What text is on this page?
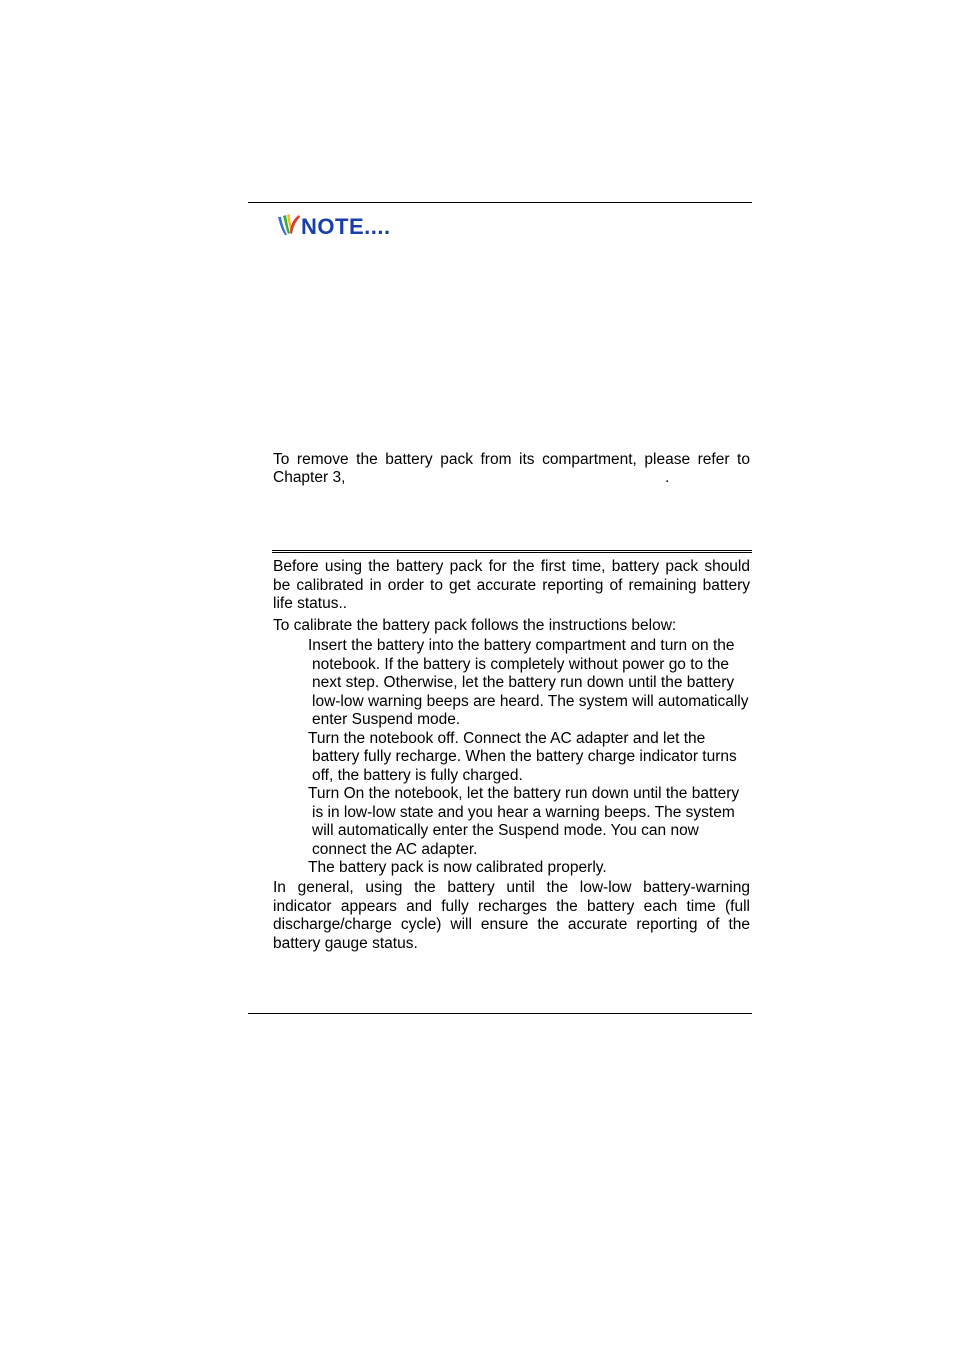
NOTE....

To remove the battery pack from its compartment, please refer to

Chapter 3,	.

Before using the battery pack for the first time, battery pack should be calibrated in order to get accurate reporting of remaining battery life status..

To calibrate the battery pack follows the instructions below:

Insert the battery into the battery compartment and turn on the notebook. If the battery is completely without power go to the next step. Otherwise, let the battery run down until the battery low-low warning beeps are heard. The system will automatically enter Suspend mode.
Turn the notebook off. Connect the AC adapter and let the battery fully recharge. When the battery charge indicator turns off, the battery is fully charged.
Turn On the notebook, let the battery run down until the battery is in low-low state and you hear a warning beeps. The system will automatically enter the Suspend mode. You can now connect the AC adapter.
The battery pack is now calibrated properly.

In general, using the battery until the low-low battery-warning indicator appears and fully recharges the battery each time (full discharge/charge cycle) will ensure the accurate reporting of the battery gauge status.
